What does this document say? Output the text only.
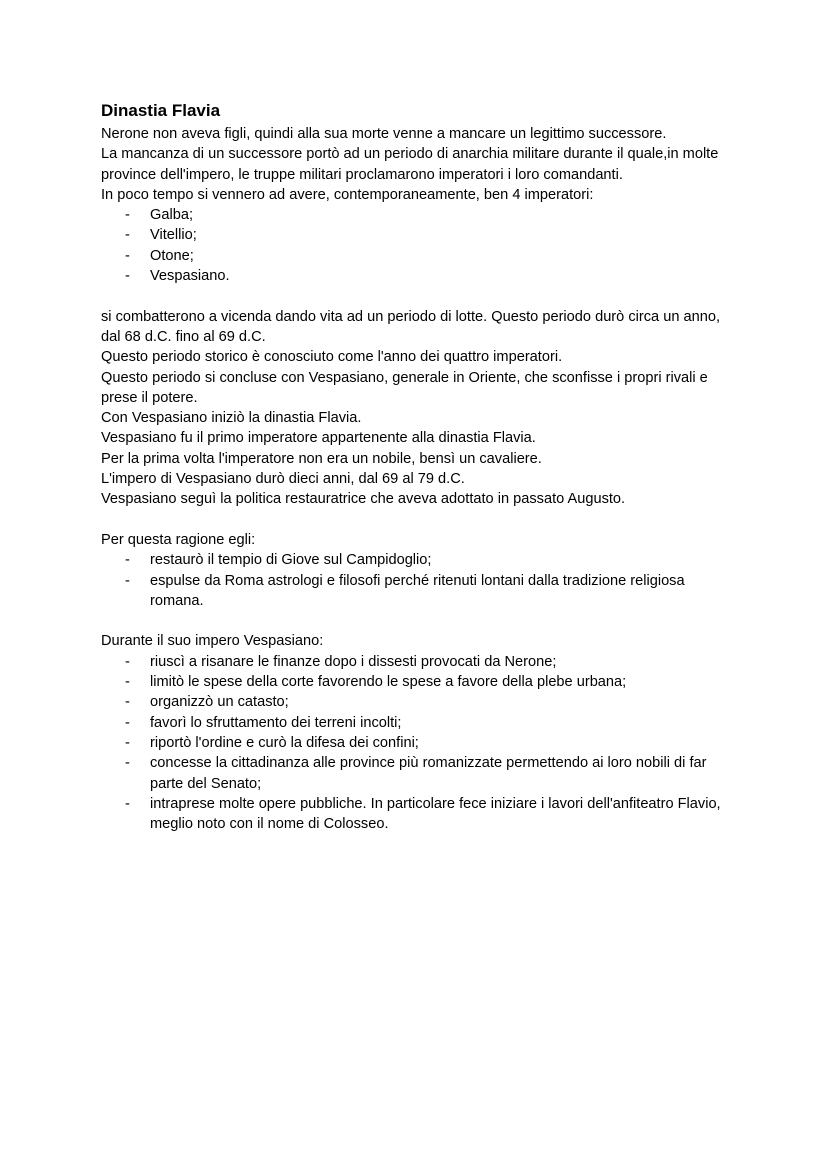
Dinastia Flavia

Nerone non aveva figli, quindi alla sua morte venne a mancare un legittimo successore.
La mancanza di un successore portò ad un periodo di anarchia militare durante il quale,in molte province dell'impero, le truppe militari proclamarono imperatori i loro comandanti.
In poco tempo si vennero ad avere, contemporaneamente, ben 4 imperatori:

- Galba;
- Vitellio;
- Otone;
- Vespasiano.

si combatterono a vicenda dando vita ad un periodo di lotte. Questo periodo durò circa un anno, dal 68 d.C. fino al 69 d.C.
Questo periodo storico è conosciuto come l'anno dei quattro imperatori.
Questo periodo si concluse con Vespasiano, generale in Oriente, che sconfisse i propri rivali e prese il potere.
Con Vespasiano iniziò la dinastia Flavia.
Vespasiano fu il primo imperatore appartenente alla dinastia Flavia.
Per la prima volta l'imperatore non era un nobile, bensì un cavaliere.
L'impero di Vespasiano durò dieci anni, dal 69 al 79 d.C.
Vespasiano seguì la politica restauratrice che aveva adottato in passato Augusto.

Per questa ragione egli:

- restaurò il tempio di Giove sul Campidoglio;
- espulse da Roma astrologi e filosofi perché ritenuti lontani dalla tradizione religiosa romana.

Durante il suo impero Vespasiano:

- riuscì a risanare le finanze dopo i dissesti provocati da Nerone;
- limitò le spese della corte favorendo le spese a favore della plebe urbana;
- organizzò un catasto;
- favorì lo sfruttamento dei terreni incolti;
- riportò l'ordine e curò la difesa dei confini;
- concesse la cittadinanza alle province più romanizzate permettendo ai loro nobili di far parte del Senato;
- intraprese molte opere pubbliche. In particolare fece iniziare i lavori dell'anfiteatro Flavio, meglio noto con il nome di Colosseo.
